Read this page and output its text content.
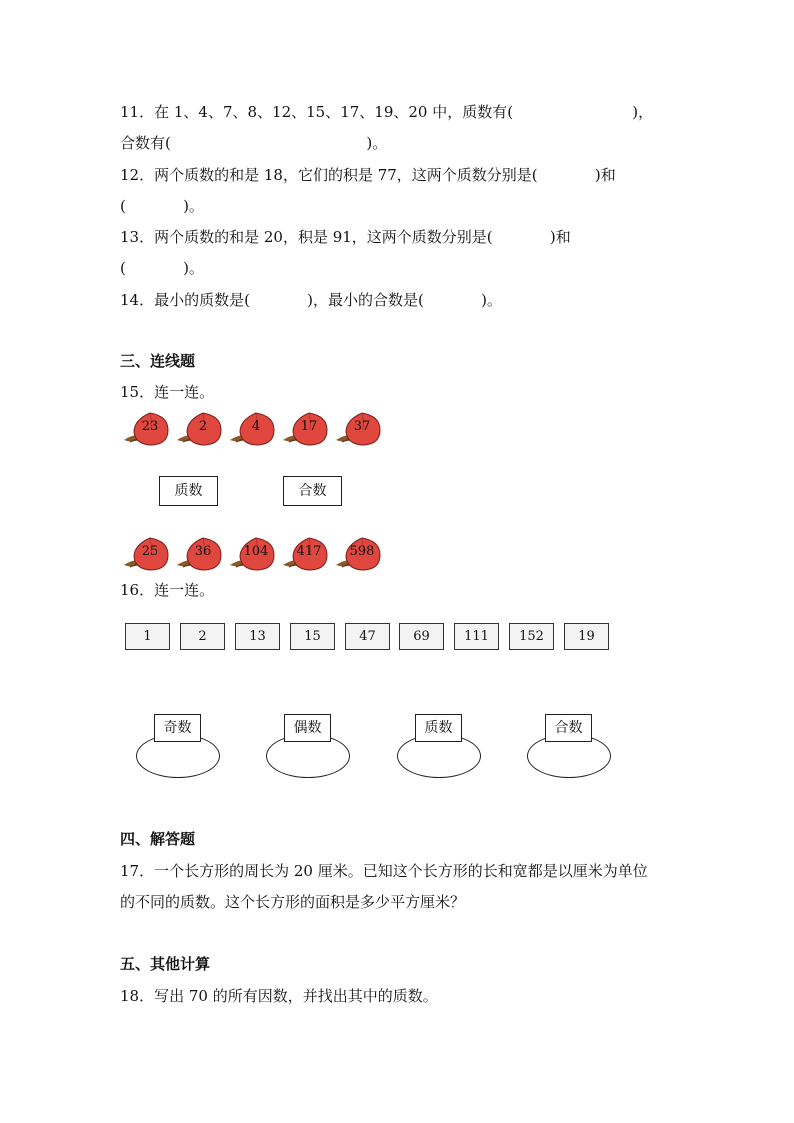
11．在 1、4、7、8、12、15、17、19、20 中，质数有(                         )，
合数有(                                         )。
12．两个质数的和是 18，它们的积是 77，这两个质数分别是(            )和
(            )。
13．两个质数的和是 20，积是 91，这两个质数分别是(            )和
(            )。
14．最小的质数是(            )，最小的合数是(            )。
三、连线题
15．连一连。
23	2	4	17	37
质数	合数
25	36	104	417	598
16．连一连。
1	2	13	15	47	69	111	152	19
奇数	偶数	质数	合数
四、解答题
17．一个长方形的周长为 20 厘米。已知这个长方形的长和宽都是以厘米为单位
的不同的质数。这个长方形的面积是多少平方厘米？
五、其他计算
18．写出 70 的所有因数，并找出其中的质数。
